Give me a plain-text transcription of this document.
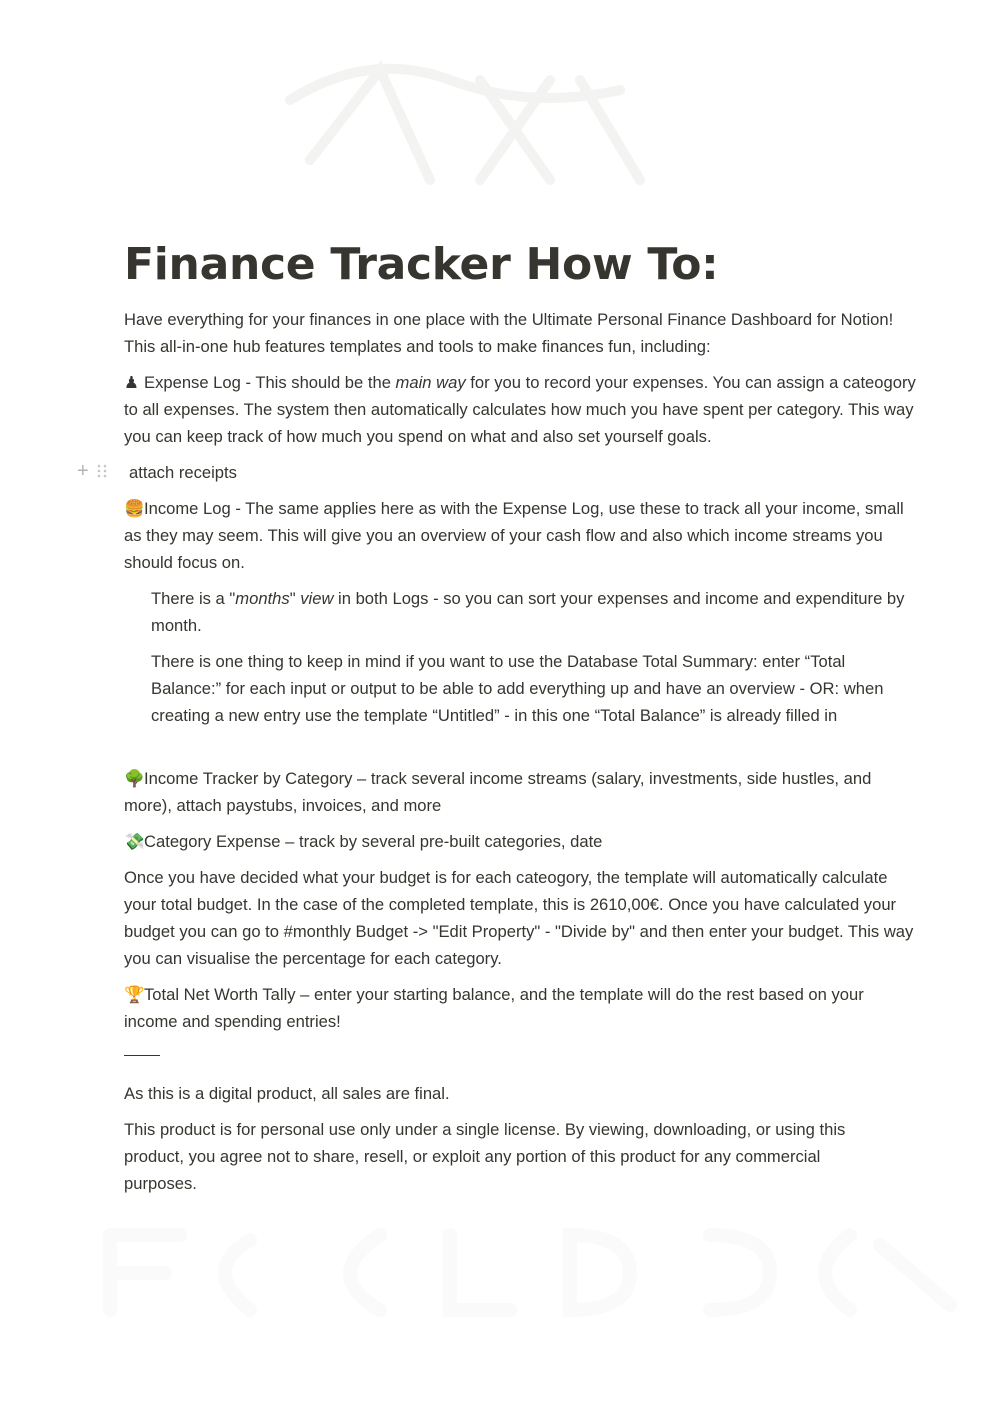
Finance Tracker How To:
Have everything for your finances in one place with the Ultimate Personal Finance Dashboard for Notion! This all-in-one hub features templates and tools to make finances fun, including:
♟ Expense Log - This should be the main way for you to record your expenses. You can assign a cateogory to all expenses. The system then automatically calculates how much you have spent per category. This way you can keep track of how much you spend on what and also set yourself goals.
+ attach receipts
🍔Income Log - The same applies here as with the Expense Log, use these to track all your income, small as they may seem. This will give you an overview of your cash flow and also which income streams you should focus on.
There is a "months" view in both Logs - so you can sort your expenses and income and expenditure by month.
There is one thing to keep in mind if you want to use the Database Total Summary: enter “Total Balance:” for each input or output to be able to add everything up and have an overview - OR: when creating a new entry use the template “Untitled” - in this one “Total Balance” is already filled in
🌳Income Tracker by Category – track several income streams (salary, investments, side hustles, and more), attach paystubs, invoices, and more
💸Category Expense – track by several pre-built categories, date
Once you have decided what your budget is for each cateogory, the template will automatically calculate your total budget. In the case of the completed template, this is 2610,00€. Once you have calculated your budget you can go to #monthly Budget -> "Edit Property" - "Divide by" and then enter your budget. This way you can visualise the percentage for each category.
🏆Total Net Worth Tally – enter your starting balance, and the template will do the rest based on your income and spending entries!
As this is a digital product, all sales are final.
This product is for personal use only under a single license. By viewing, downloading, or using this product, you agree not to share, resell, or exploit any portion of this product for any commercial purposes.
